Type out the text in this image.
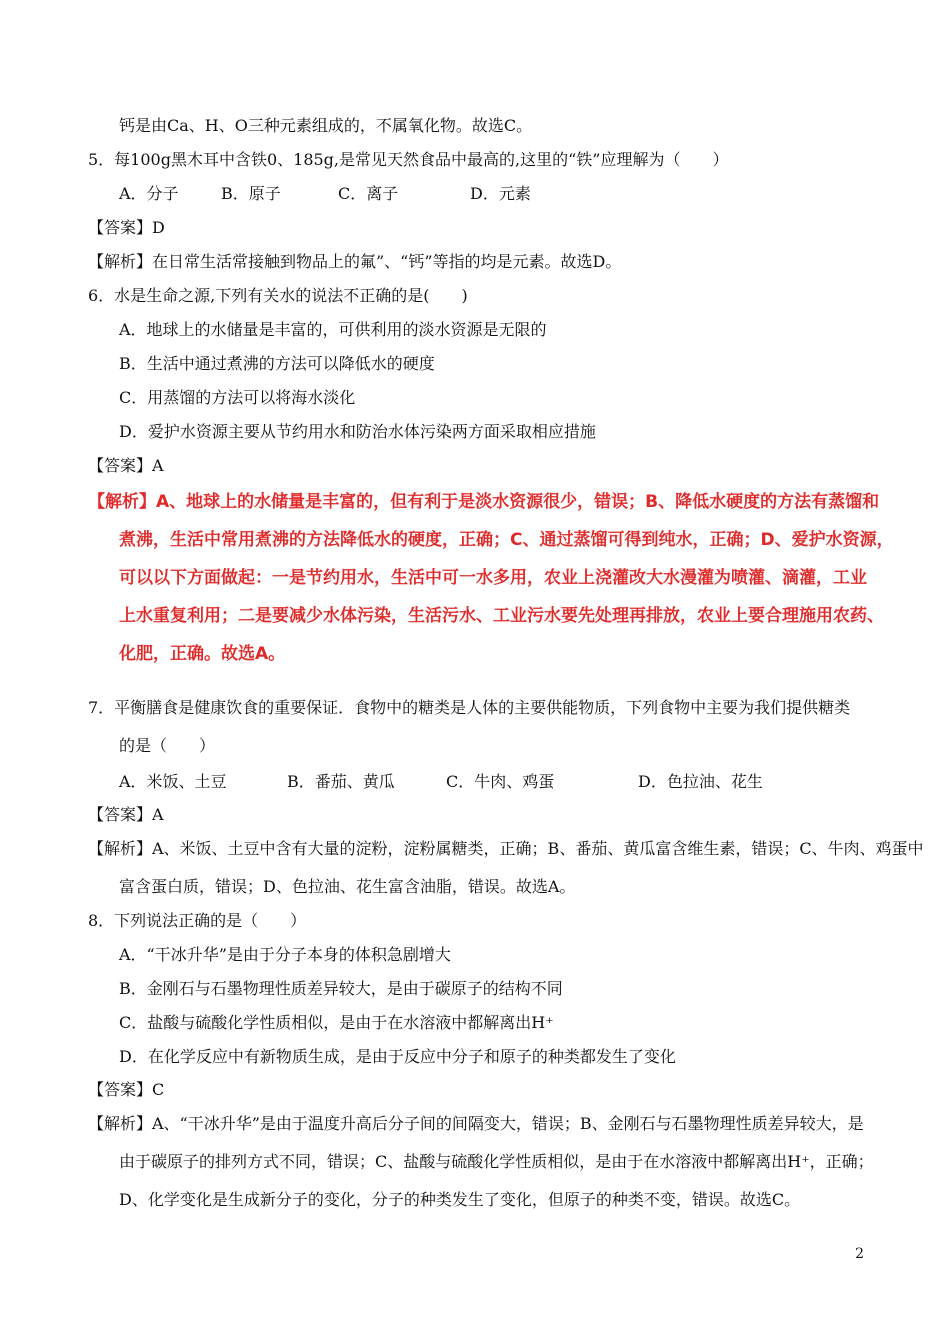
钙是由Ca、H、O三种元素组成的，不属氧化物。故选C。
5．每100g黑木耳中含铁0、185g,是常见天然食品中最高的,这里的“铁”应理解为（　　）
A．分子	B．原子	C．离子	D．元素
【答案】D
【解析】在日常生活常接触到物品上的氟”、“钙”等指的均是元素。故选D。
6．水是生命之源,下列有关水的说法不正确的是(　　)
A．地球上的水储量是丰富的，可供利用的淡水资源是无限的
B．生活中通过煮沸的方法可以降低水的硬度
C．用蒸馏的方法可以将海水淡化
D．爱护水资源主要从节约用水和防治水体污染两方面采取相应措施
【答案】A
【解析】A、地球上的水储量是丰富的，但有利于是淡水资源很少，错误；B、降低水硬度的方法有蒸馏和
煮沸，生活中常用煮沸的方法降低水的硬度，正确；C、通过蒸馏可得到纯水，正确；D、爱护水资源，
可以以下方面做起：一是节约用水，生活中可一水多用，农业上浇灌改大水漫灌为喷灌、滴灌，工业
上水重复利用；二是要减少水体污染，生活污水、工业污水要先处理再排放，农业上要合理施用农药、
化肥，正确。故选A。
7．平衡膳食是健康饮食的重要保证．食物中的糖类是人体的主要供能物质，下列食物中主要为我们提供糖类
的是（　　）
A．米饭、土豆	B．番茄、黄瓜	C．牛肉、鸡蛋	D．色拉油、花生
【答案】A
【解析】A、米饭、土豆中含有大量的淀粉，淀粉属糖类，正确；B、番茄、黄瓜富含维生素，错误；C、牛肉、鸡蛋中
富含蛋白质，错误；D、色拉油、花生富含油脂，错误。故选A。
8．下列说法正确的是（　　）
A．“干冰升华”是由于分子本身的体积急剧增大
B．金刚石与石墨物理性质差异较大，是由于碳原子的结构不同
C．盐酸与硫酸化学性质相似，是由于在水溶液中都解离出H⁺
D．在化学反应中有新物质生成，是由于反应中分子和原子的种类都发生了变化
【答案】C
【解析】A、“干冰升华”是由于温度升高后分子间的间隔变大，错误；B、金刚石与石墨物理性质差异较大，是
由于碳原子的排列方式不同，错误；C、盐酸与硫酸化学性质相似，是由于在水溶液中都解离出H⁺，正确；
D、化学变化是生成新分子的变化，分子的种类发生了变化，但原子的种类不变，错误。故选C。
2
